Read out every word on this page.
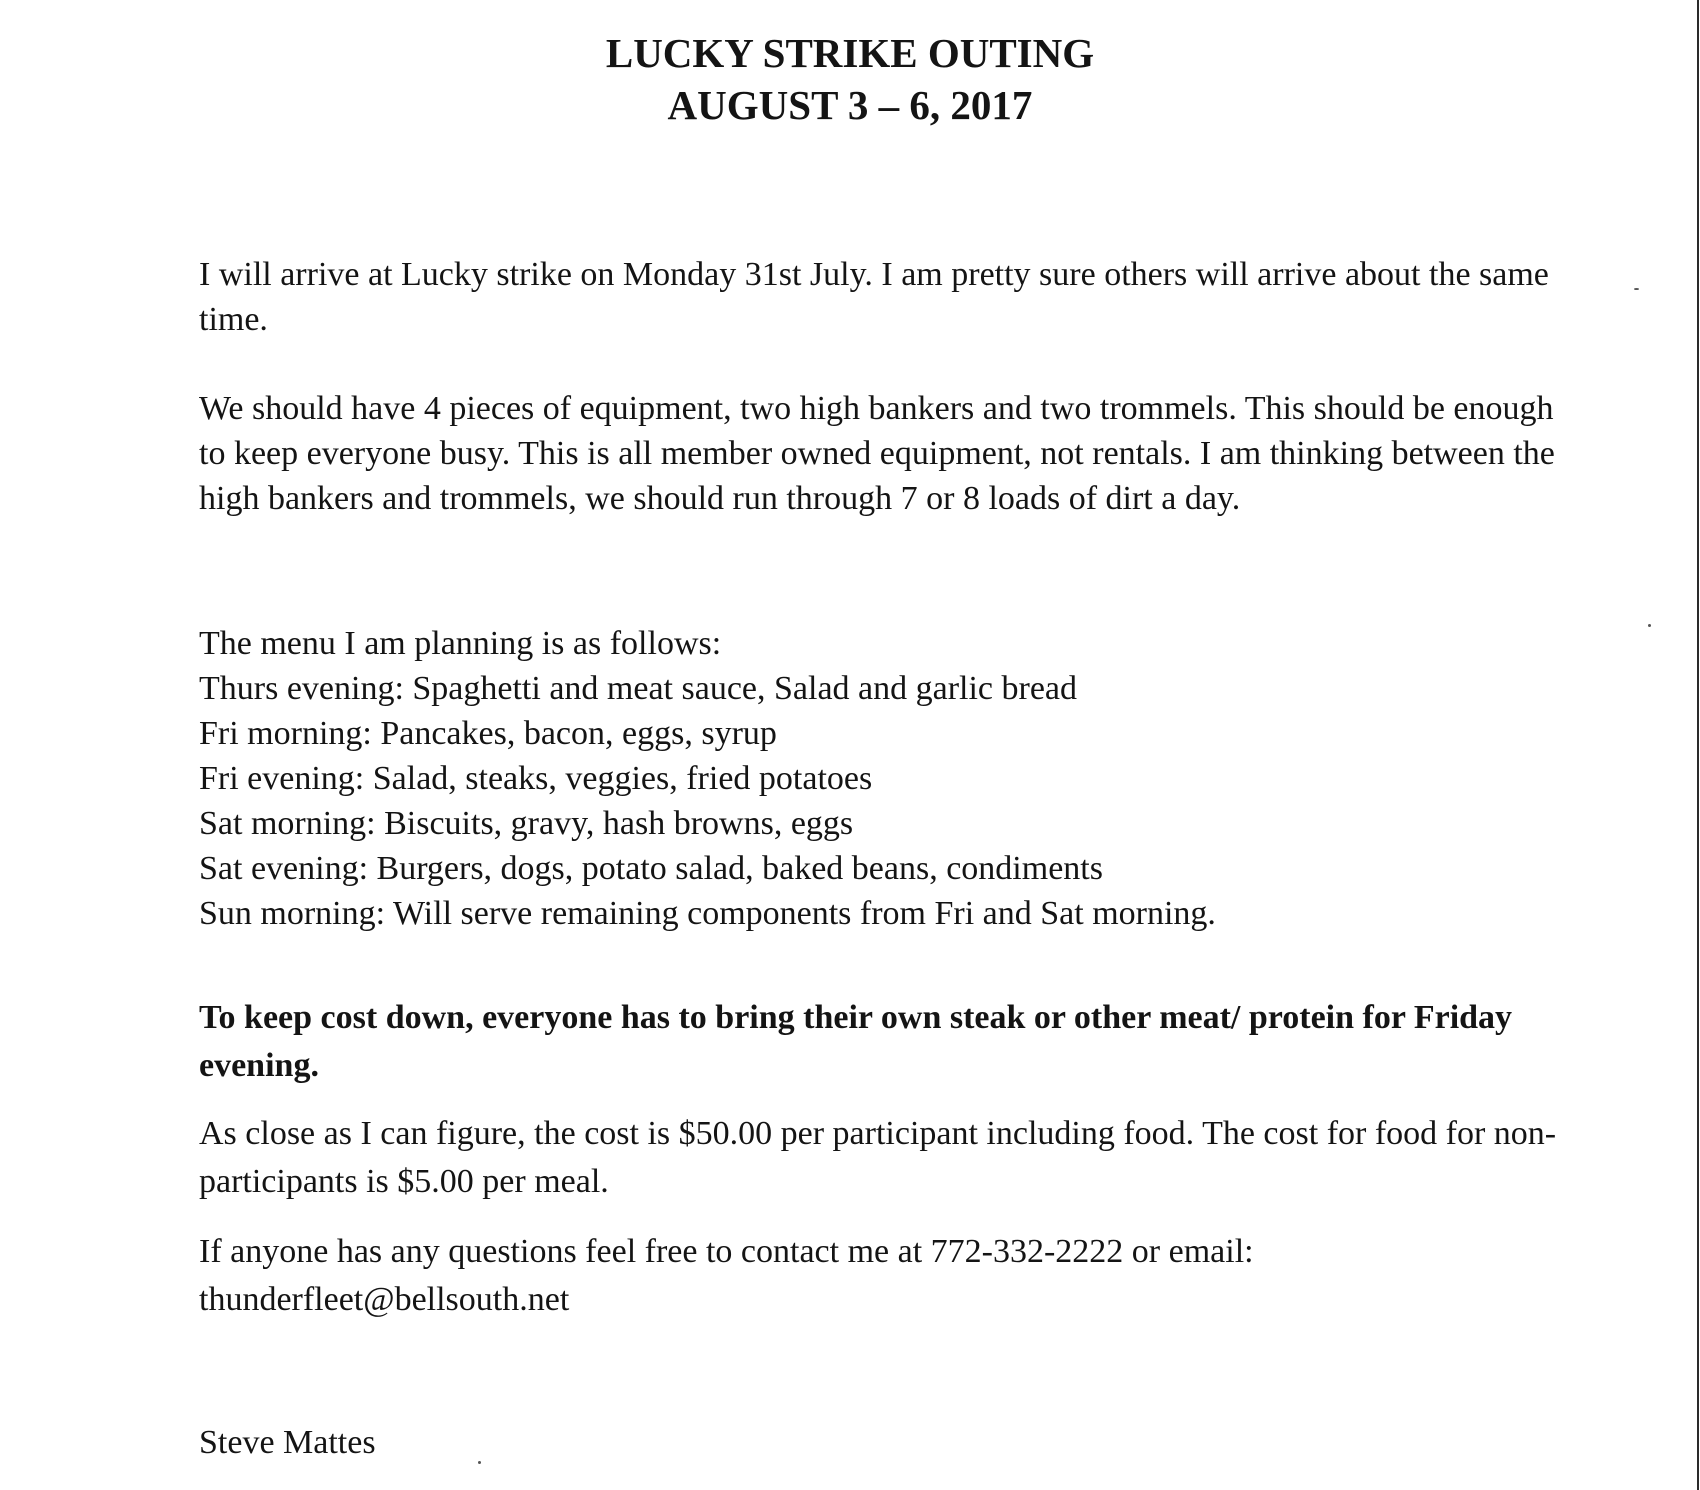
LUCKY STRIKE OUTING
AUGUST 3 – 6, 2017

I will arrive at Lucky strike on Monday 31st July. I am pretty sure others will arrive about the same time.

We should have 4 pieces of equipment, two high bankers and two trommels. This should be enough to keep everyone busy. This is all member owned equipment, not rentals. I am thinking between the high bankers and trommels, we should run through 7 or 8 loads of dirt a day.

The menu I am planning is as follows:
Thurs evening: Spaghetti and meat sauce, Salad and garlic bread
Fri morning: Pancakes, bacon, eggs, syrup
Fri evening: Salad, steaks, veggies, fried potatoes
Sat morning: Biscuits, gravy, hash browns, eggs
Sat evening: Burgers, dogs, potato salad, baked beans, condiments
Sun morning: Will serve remaining components from Fri and Sat morning.

To keep cost down, everyone has to bring their own steak or other meat/ protein for Friday evening.

As close as I can figure, the cost is $50.00 per participant including food. The cost for food for non-participants is $5.00 per meal.

If anyone has any questions feel free to contact me at 772-332-2222 or email: thunderfleet@bellsouth.net

Steve Mattes
